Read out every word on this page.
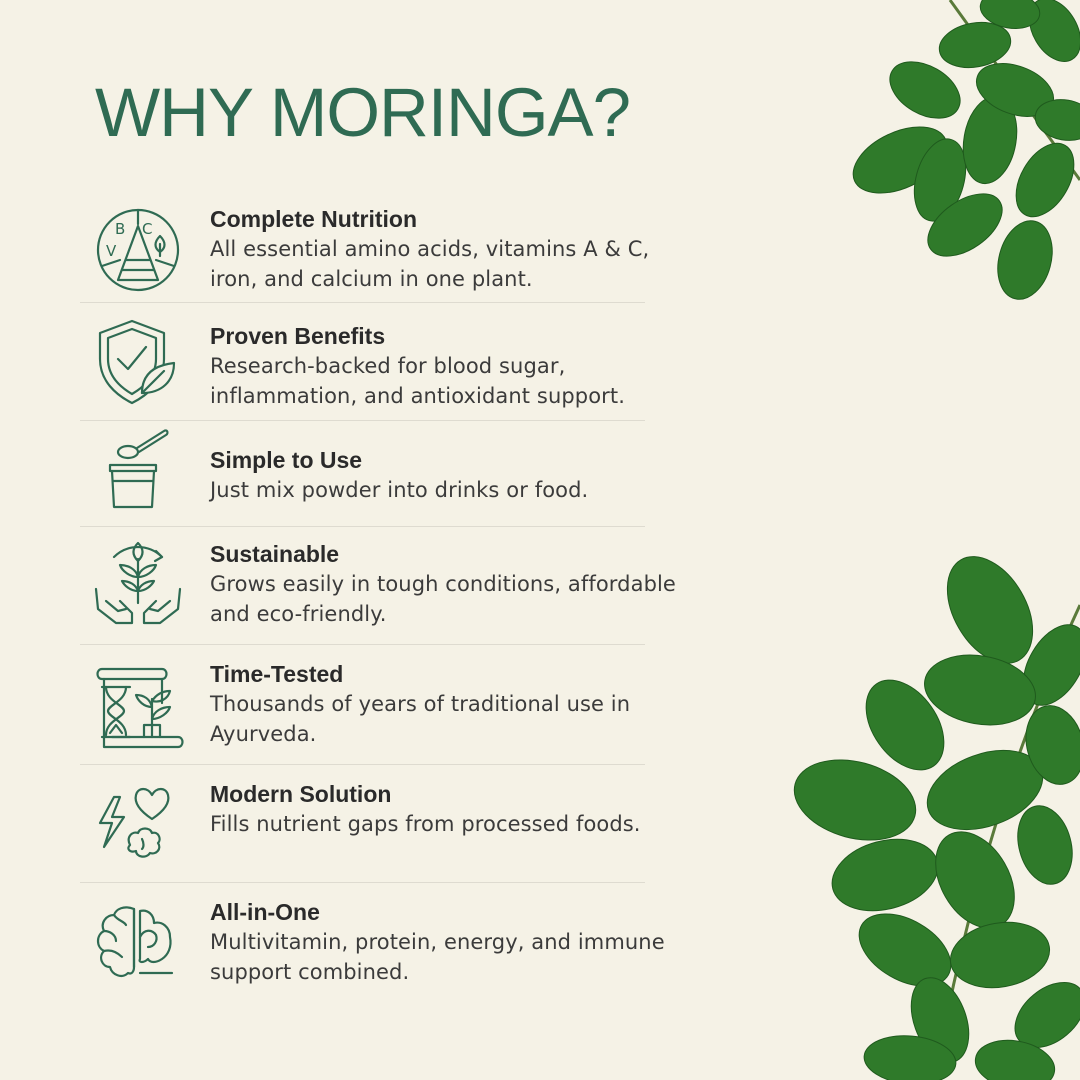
WHY MORINGA?
B C
V

Complete Nutrition

All essential amino acids, vitamins A & C, iron, and calcium in one plant.

Proven Benefits

Research-backed for blood sugar, inflammation, and antioxidant support.

Simple to Use

Just mix powder into drinks or food.

Sustainable

Grows easily in tough conditions, affordable and eco-friendly.

Time-Tested

Thousands of years of traditional use in Ayurveda.

Modern Solution

Fills nutrient gaps from processed foods.

All-in-One

Multivitamin, protein, energy, and immune support combined.
